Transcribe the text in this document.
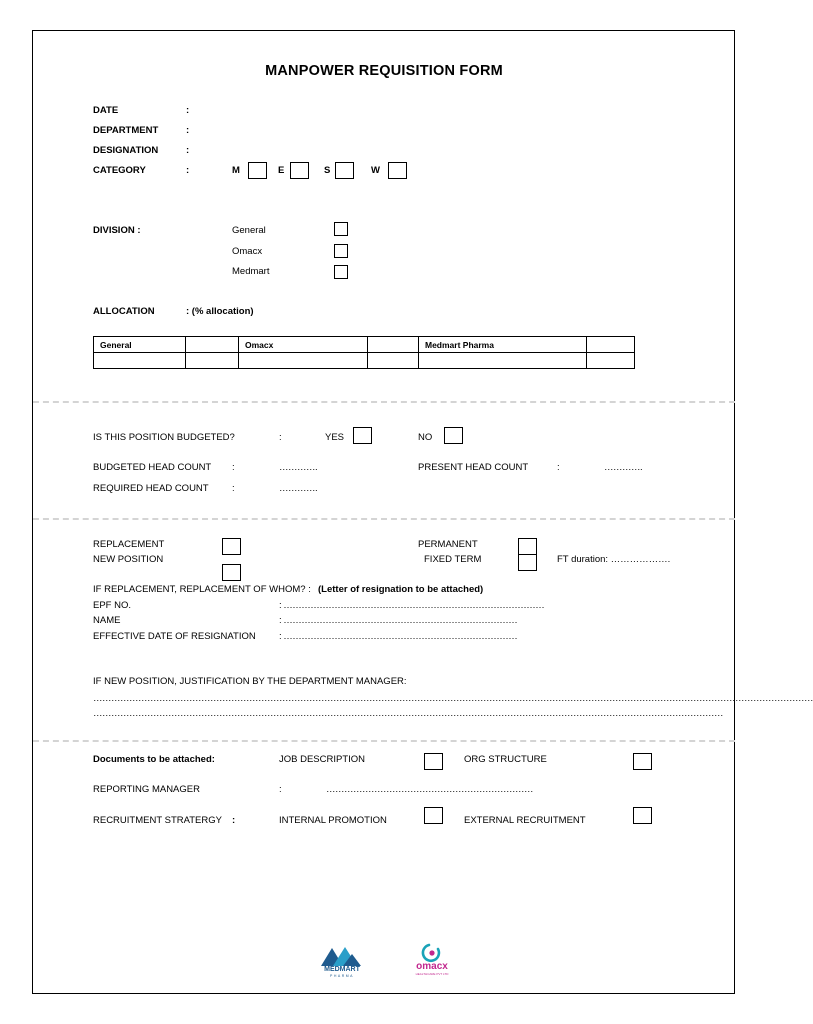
MANPOWER REQUISITION FORM
DATE	:
DEPARTMENT	:
DESIGNATION	:
CATEGORY	:	M	E	S	W
DIVISION :	General
Omacx
Medmart
ALLOCATION	: (% allocation)
General		Omacx		Medmart Pharma	

IS THIS POSITION BUDGETED?	:	YES	NO
BUDGETED HEAD COUNT :	………….	PRESENT HEAD COUNT	:	………….
REQUIRED HEAD COUNT :	………….
REPLACEMENT
NEW POSITION
PERMANENT
FIXED TERM	FT duration: ……………….
IF REPLACEMENT, REPLACEMENT OF WHOM? : (Letter of resignation to be attached)
EPF NO.	: ……………………………………………………………………………
NAME	: ……………………………………………………………………
EFFECTIVE DATE OF RESIGNATION : ……………………………………………………………………
IF NEW POSITION, JUSTIFICATION BY THE DEPARTMENT MANAGER:
……………………………………………………………………………………………………………………………………………………………………………………………………………………
…………………………………………………………………………………………………………………………………………………………………………………………
Documents to be attached:	JOB DESCRIPTION	ORG STRUCTURE
REPORTING MANAGER	:	……………………………………………………………
RECRUITMENT STRATERGY :	INTERNAL PROMOTION	EXTERNAL RECRUITMENT
MEDMART
PHARMA
omacx
HEALTHCARE PVT LTD
